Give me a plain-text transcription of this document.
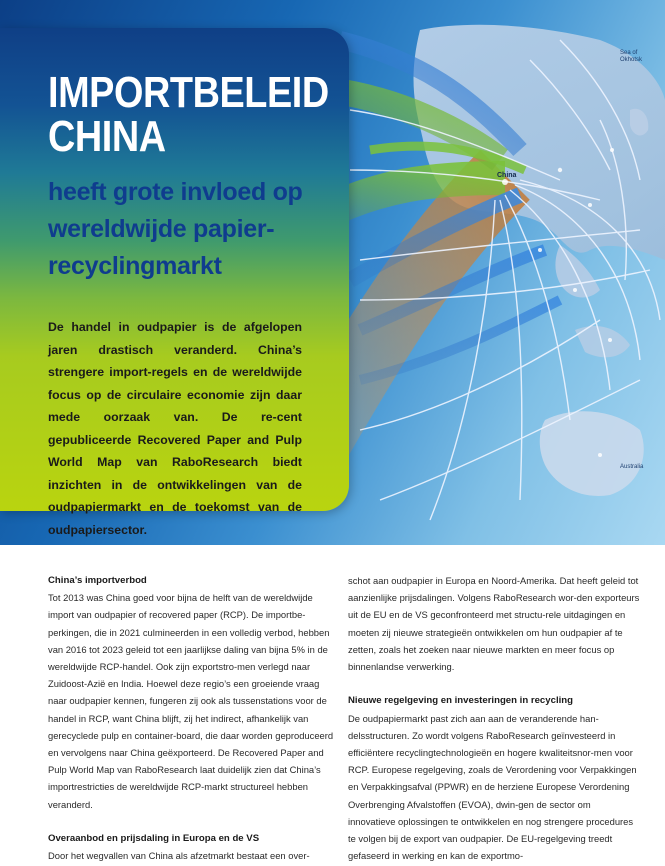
China
Australia
Sea of Okhotsk
IMPORTBELEID
CHINA
heeft grote invloed op wereldwijde papier-recyclingmarkt
De handel in oudpapier is de afgelopen jaren drastisch veranderd. China’s strengere import-regels en de wereldwijde focus op de circulaire economie zijn daar mede oorzaak van. De re-cent gepubliceerde Recovered Paper and Pulp World Map van RaboResearch biedt inzichten in de ontwikkelingen van de oudpapiermarkt en de toekomst van de oudpapiersector.
China’s importverbod

Tot 2013 was China goed voor bijna de helft van de wereldwijde import van oudpapier of recovered paper (RCP). De importbe-perkingen, die in 2021 culmineerden in een volledig verbod, hebben van 2016 tot 2023 geleid tot een jaarlijkse daling van bijna 5% in de wereldwijde RCP-handel. Ook zijn exportstro-men verlegd naar Zuidoost-Azië en India. Hoewel deze regio’s een groeiende vraag naar oudpapier kennen, fungeren zij ook als tussenstations voor de handel in RCP, want China blijft, zij het indirect, afhankelijk van gerecyclede pulp en container-board, die daar worden geproduceerd en vervolgens naar China geëxporteerd. De Recovered Paper and Pulp World Map van RaboResearch laat duidelijk zien dat China’s importrestricties de wereldwijde RCP-markt structureel hebben veranderd.

Overaanbod en prijsdaling in Europa en de VS

Door het wegvallen van China als afzetmarkt bestaat een over-

schot aan oudpapier in Europa en Noord-Amerika. Dat heeft geleid tot aanzienlijke prijsdalingen. Volgens RaboResearch wor-den exporteurs uit de EU en de VS geconfronteerd met structu-rele uitdagingen en moeten zij nieuwe strategieën ontwikkelen om hun oudpapier af te zetten, zoals het zoeken naar nieuwe markten en meer focus op binnenlandse verwerking.

Nieuwe regelgeving en investeringen in recycling

De oudpapiermarkt past zich aan aan de veranderende han-delsstructuren. Zo wordt volgens RaboResearch geïnvesteerd in efficiëntere recyclingtechnologieën en hogere kwaliteitsnor-men voor RCP. Europese regelgeving, zoals de Verordening voor Verpakkingen en Verpakkingsafval (PPWR) en de herziene Europese Verordening Overbrenging Afvalstoffen (EVOA), dwin-gen de sector om innovatieve oplossingen te ontwikkelen en nog strengere procedures te volgen bij de export van oudpapier. De EU-regelgeving treedt gefaseerd in werking en kan de exportmo-
